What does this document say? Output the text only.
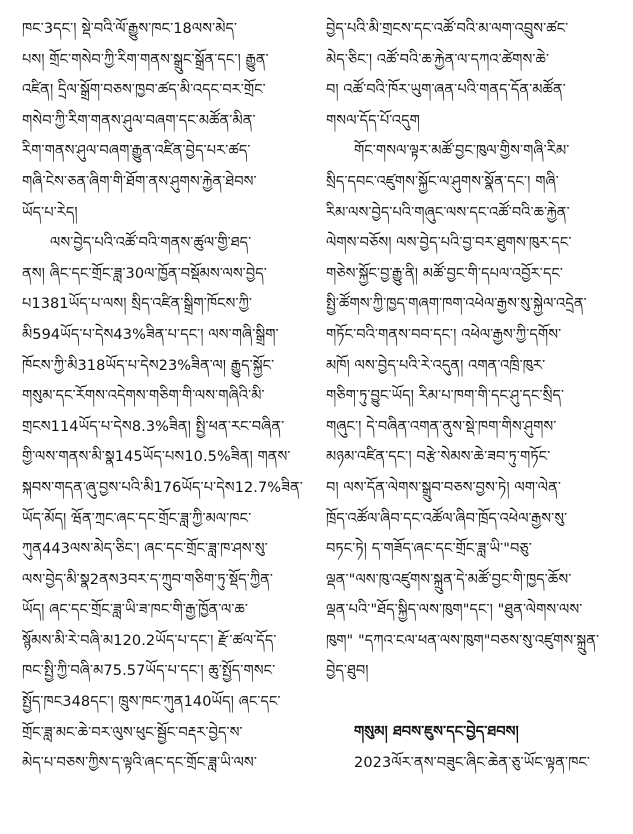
ཁང་3དང་། སྡེ་བའི་ལོ་རྒྱུས་ཁང་18ལས་མེད་
པས། གྲོང་གསེབ་ཀྱི་རིག་གནས་སྒྲུང་སྒྲོན་དང་། རྒྱུན་
འཛིན། དྲིལ་སྒྲོག་བཅས་ཁྱབ་ཚད་མི་འདང་བར་གྲོང་
གསེབ་ཀྱི་རིག་གནས་ཤུལ་བཞག་དང་མཚོན་མིན་
རིག་གནས་ཤུལ་བཞག་རྒྱུན་འཛིན་བྱེད་པར་ཚད་
གཞི་ངེས་ཅན་ཞིག་གི་ཐོག་ནས་ཤུགས་རྐྱེན་ཐེབས་
ཡོད་པ་རེད།
ལས་བྱེད་པའི་འཚོ་བའི་གནས་ཚུལ་གྱི་ཐད་
ནས། ཞིང་དང་གྲོང་ཟླ་30ལ་ཁྱོན་བསྡོམས་ལས་བྱེད་
པ1381ཡོད་པ་ལས། སྲིད་འཛིན་སྒྲིག་ཁོངས་ཀྱི་
མི594ཡོད་པ་དེས43%ཟིན་པ་དང་། ལས་གཞི་སྒྲིག་
ཁོངས་ཀྱི་མི318ཡོད་པ་དེས23%ཟིན་ལ། རྒྱུད་སྐྱོང་
གསུམ་དང་རོགས་འདེགས་གཅིག་གི་ལས་གཞིའི་མི་
གྲངས114ཡོད་པ་དེས8.3%ཟིན། སྤྱི་ཕན་རང་བཞིན་
གྱི་ལས་གནས་མི་སྣ145ཡོད་པས10.5%ཟིན། གནས་
སྐབས་གདན་ཞུ་བྱས་པའི་མི176ཡོད་པ་དེས12.7%ཟིན་
ཡོད་མོད། ཝོན་ཀྲང་ཞང་དང་གྲོང་ཟླ་ཀྱི་མལ་ཁང་
ཀུན443ལས་མེད་ཅིང་། ཞང་དང་གྲོང་ཟླ་ཁ་ཤས་སུ་
ལས་བྱེད་མི་སྣ2ནས3བར་ད་ཀྲུབ་གཅིག་ཏུ་སྡོད་ཀྱིན་
ཡོད། ཞང་དང་གྲོང་ཟླ་ཡི་ཟ་ཁང་གི་རྒྱ་ཁྱོན་ལ་ཆ་
སྙོམས་མི་རེ་བཞི་མ120.2ཡོད་པ་དང་། རྫོ་ཚལ་དོད་
ཁང་སྤྱི་ཀྱི་བཞི་མ75.57ཡོད་པ་དང་། ཆུ་སྤྱོད་གསང་
སྤྱོད་ཁང348དང་། ཁྲུས་ཁང་ཀུན140ཡོད། ཞང་དང་
གྲོང་ཟླ་མང་ཆེ་བར་ལུས་ཕུང་སྦྱོང་བརྡར་བྱེད་ས་
མེད་པ་བཅས་ཀྱིས་ད་ལྟའི་ཞང་དང་གྲོང་ཟླ་ཡི་ལས་
བྱེད་པའི་མི་གྲངས་དང་འཚོ་བའི་མ་ལག་འབྲུས་ཚང་
མེད་ཅིང་། འཚོ་བའི་ཆ་རྐྱེན་ལ་དཀའ་ཚེགས་ཆེ་
བ། འཚོ་བའི་ཁོར་ཡུག་ཞན་པའི་གནད་དོན་མཚོན་
གསལ་དོད་པོ་འདུག
གོང་གསལ་ལྟར་མཚོ་བྱང་ཁུལ་གྱིས་གཞི་རིམ་
སྲིད་དབང་འཛུགས་སྐྱོང་ལ་ཤུགས་སྣོན་དང་། གཞི་
རིམ་ལས་བྱེད་པའི་གཞུང་ལས་དང་འཚོ་བའི་ཆ་རྐྱེན་
ལེགས་བཅོས། ལས་བྱེད་པའི་བྱ་བར་ཐུགས་ཁུར་དང་
གཅེས་སྐྱོང་བྱ་རྒྱུ་ནི། མཚོ་བྱང་གི་དཔལ་འབྱོར་དང་
སྤྱི་ཚོགས་ཀྱི་ཁྱད་གཞག་ཁག་འཕེལ་རྒྱས་སུ་སྐྱེལ་འདྲེན་
གཏོང་བའི་གནས་བབ་དང་། འཕེལ་རྒྱས་ཀྱི་དགོས་
མཁོ། ལས་བྱེད་པའི་རེ་འདུན། འགན་འཁྲི་ཁུར་
གཅིག་ཏུ་བྱུང་ཡོད། རིམ་པ་ཁག་གི་དང་ཤུ་དང་སྲིད་
གཞུང་། དེ་བཞིན་འགན་ནུས་སྡེ་ཁག་གིས་ཤུགས་
མཉམ་འཛིན་དང་། བརྩེ་སེམས་ཆེ་ཟབ་ཏུ་གཏོང་
བ། ལས་དོན་ལེགས་སྒྲུབ་བཅས་བྱས་ཏེ། ལག་ལེན་
ཁྲོད་འཚོལ་ཞིབ་དང་འཚོལ་ཞིབ་ཁྲོད་འཕེལ་རྒྱས་སུ་
བཏང་ཏེ། ད་གཟོད་ཞང་དང་གྲོང་ཟླ་ཡི་"བཅུ་
ལྡན་"ལས་ཁུ་འཛུགས་སྐྲུན་དེ་མཚོ་བྱང་གི་ཁྱད་ཆོས་
ལྡན་པའི་"ཐོད་སྐྱིད་ལས་ཁུག"དང་། "ཐུན་ལེགས་ལས་
ཁུག" "དཀའ་ངལ་ཕན་ལས་ཁུག"བཅས་སུ་འཛུགས་སྐྲུན་
བྱེད་ཐུབ།
གསུམ། ཐབས་ཇུས་དང་བྱེད་ཐབས།
2023ལོར་ནས་བཟུང་ཞིང་ཆེན་ཅུ་ཡོང་ལྟན་ཁང་
